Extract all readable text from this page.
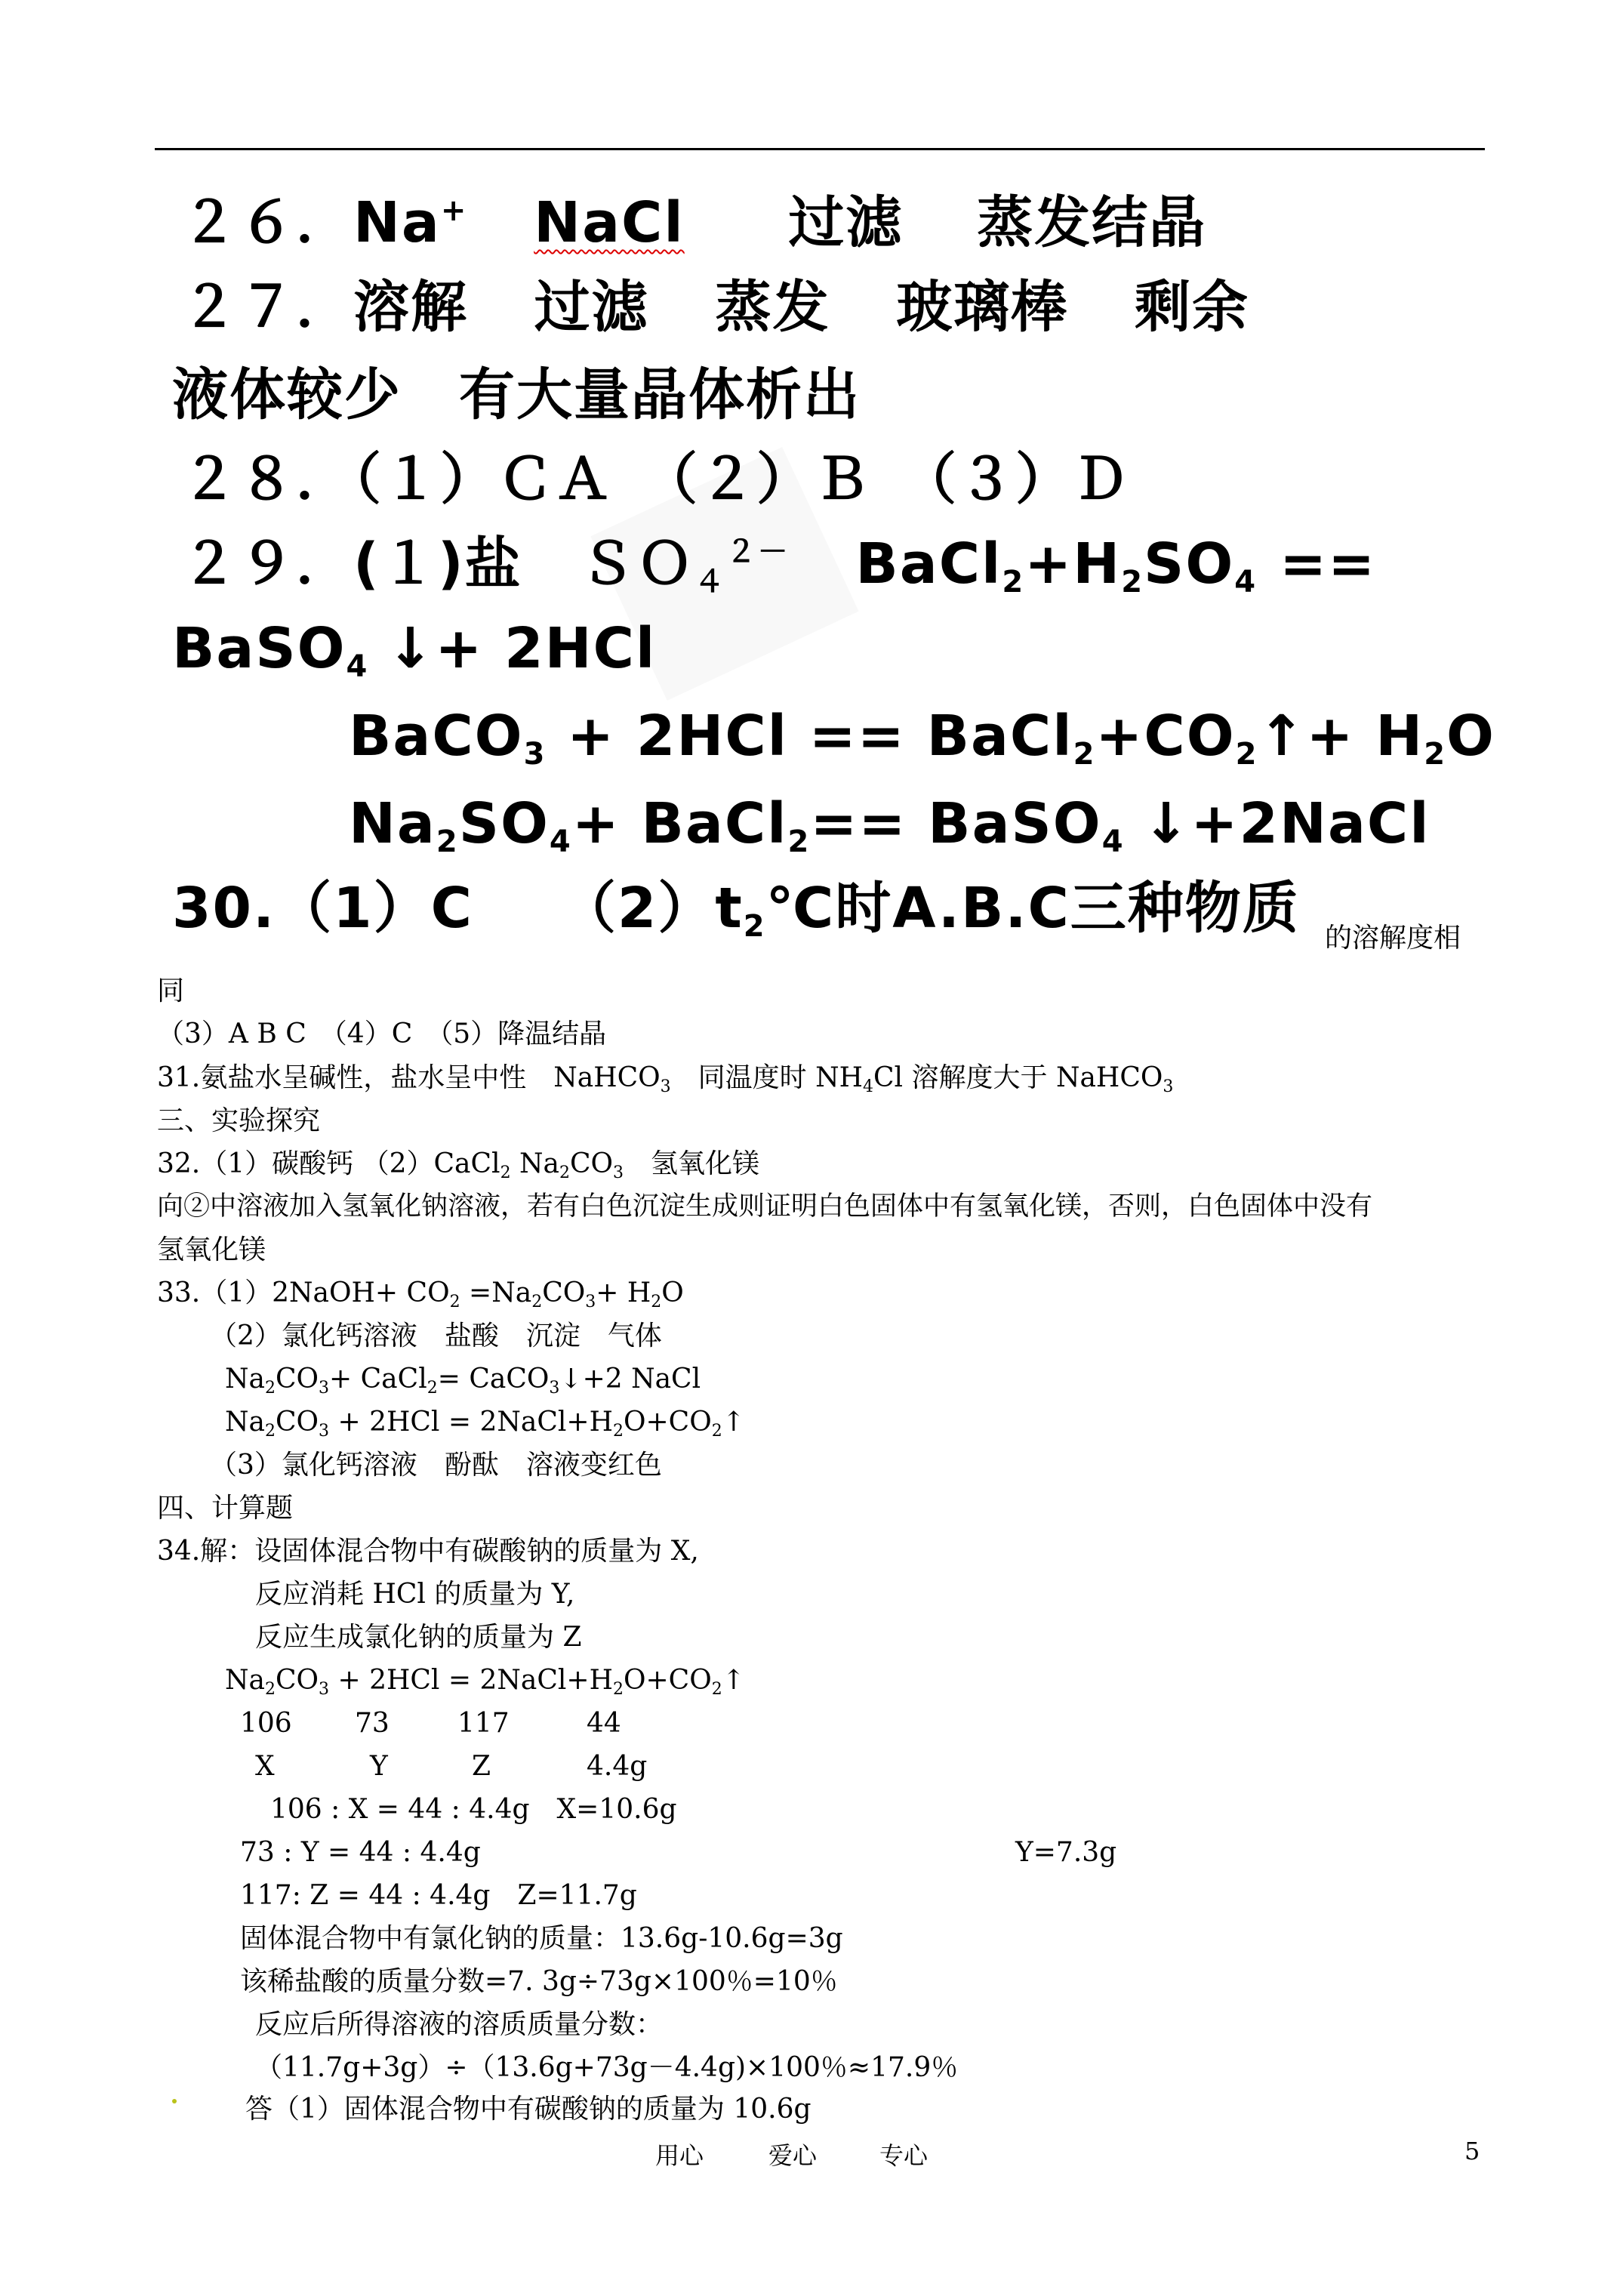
２６．Na+ NaCl 过滤 蒸发结晶
２７．溶解 过滤 蒸发 玻璃棒 剩余
液体较少　有大量晶体析出
２８．（１）ＣＡ　（２）Ｂ　（３）Ｄ
２９．(１)盐　ＳＯ$_4^{2-}$ $BaCl_2+H_2SO_4$ ==
BaSO$_4$ ↓+ 2HCl
BaCO$_3$ + $2HCl == BaCl_2+CO_2↑+ H_2O$
$Na_2SO_4+$ BaCl$_2$== BaSO$_4$ ↓+2NaCl
30.（1）C　　$(2)t_2℃$时A.B.C三种物质 的溶解度相
同
（3）A B C　（4）C　（5）降温结晶
31.氨盐水呈碱性，盐水呈中性　NaHCO$_3$　同温度时 $NH_4Cl$ 溶解度大于 NaHCO$_3$
三、实验探究
32.（1）碳酸钙 （2）CaCl$_2$ $Na_2CO_3$　氢氧化镁
向②中溶液加入氢氧化钠溶液，若有白色沉淀生成则证明白色固体中有氢氧化镁，否则，白色固体中没有
氢氧化镁
33.（1）2NaOH+ $CO_2 =Na_2CO_3+ H_2O$
（2）氯化钙溶液　盐酸　沉淀　气体
$Na_2CO_3+$ CaCl$_2$= CaCO$_3$↓+2 NaCl
$Na_2CO_3 + 2HCl$ = $2NaCl+H_2O+CO_2↑$
（3）氯化钙溶液　酚酞　溶液变红色
四、计算题
34.解：设固体混合物中有碳酸钠的质量为 X,
反应消耗 HCl 的质量为 Y,
反应生成氯化钠的质量为 Z
$Na_2CO_3 + 2HCl$ = $2NaCl+H_2O+CO_2↑$
106 73	117	44
X	Y	Z	4.4g
106 : X = 44 : 4.4g　X=10.6g
73 : Y = 44 : 4.4g	Y=7.3g
117: Z = 44 : 4.4g　Z=11.7g
固体混合物中有氯化钠的质量：13.6g-10.6g=3g
该稀盐酸的质量分数=7. 3g÷73g×100％=10％
反应后所得溶液的溶质质量分数：
（11.7g+3g）÷（13.6g+73g－4.4g)×100％≈17.9％
答（1）固体混合物中有碳酸钠的质量为 10.6g
用心	爱心	专心	5
